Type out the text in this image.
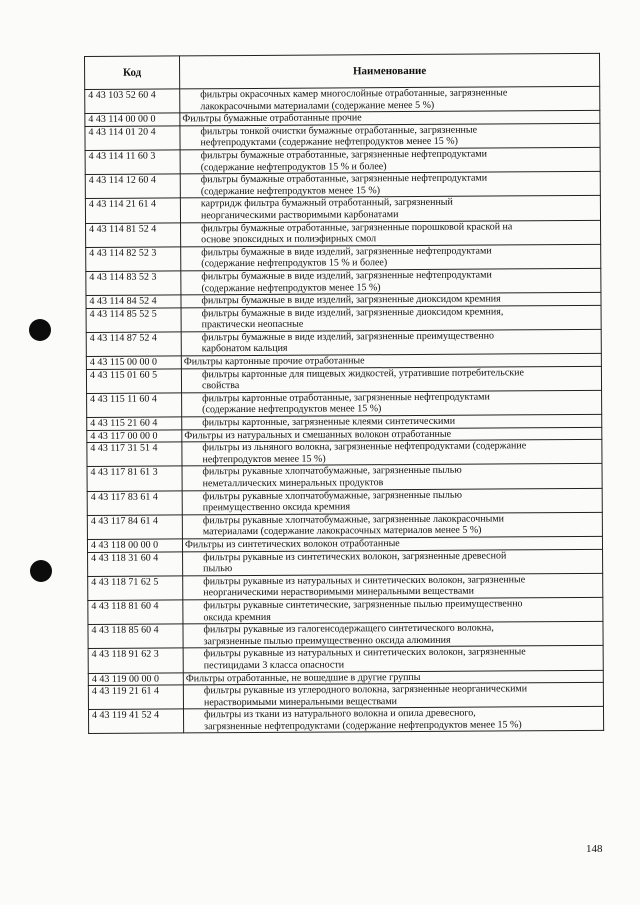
Код	Наименование
4 43 103 52 60 4	фильтры окрасочных камер многослойные отработанные, загрязненные
лакокрасочными материалами (содержание менее 5 %)
4 43 114 00 00 0	Фильтры бумажные отработанные прочие
4 43 114 01 20 4	фильтры тонкой очистки бумажные отработанные, загрязненные
нефтепродуктами (содержание нефтепродуктов менее 15 %)
4 43 114 11 60 3	фильтры бумажные отработанные, загрязненные нефтепродуктами
(содержание нефтепродуктов 15 % и более)
4 43 114 12 60 4	фильтры бумажные отработанные, загрязненные нефтепродуктами
(содержание нефтепродуктов менее 15 %)
4 43 114 21 61 4	картридж фильтра бумажный отработанный, загрязненный
неорганическими растворимыми карбонатами
4 43 114 81 52 4	фильтры бумажные отработанные, загрязненные порошковой краской на
основе эпоксидных и полиэфирных смол
4 43 114 82 52 3	фильтры бумажные в виде изделий, загрязненные нефтепродуктами
(содержание нефтепродуктов 15 % и более)
4 43 114 83 52 3	фильтры бумажные в виде изделий, загрязненные нефтепродуктами
(содержание нефтепродуктов менее 15 %)
4 43 114 84 52 4	фильтры бумажные в виде изделий, загрязненные диоксидом кремния
4 43 114 85 52 5	фильтры бумажные в виде изделий, загрязненные диоксидом кремния,
практически неопасные
4 43 114 87 52 4	фильтры бумажные в виде изделий, загрязненные преимущественно
карбонатом кальция
4 43 115 00 00 0	Фильтры картонные прочие отработанные
4 43 115 01 60 5	фильтры картонные для пищевых жидкостей, утратившие потребительские
свойства
4 43 115 11 60 4	фильтры картонные отработанные, загрязненные нефтепродуктами
(содержание нефтепродуктов менее 15 %)
4 43 115 21 60 4	фильтры картонные, загрязненные клеями синтетическими
4 43 117 00 00 0	Фильтры из натуральных и смешанных волокон отработанные
4 43 117 31 51 4	фильтры из льняного волокна, загрязненные нефтепродуктами (содержание
нефтепродуктов менее 15 %)
4 43 117 81 61 3	фильтры рукавные хлопчатобумажные, загрязненные пылью
неметаллических минеральных продуктов
4 43 117 83 61 4	фильтры рукавные хлопчатобумажные, загрязненные пылью
преимущественно оксида кремния
4 43 117 84 61 4	фильтры рукавные хлопчатобумажные, загрязненные лакокрасочными
материалами (содержание лакокрасочных материалов менее 5 %)
4 43 118 00 00 0	Фильтры из синтетических волокон отработанные
4 43 118 31 60 4	фильтры рукавные из синтетических волокон, загрязненные древесной
пылью
4 43 118 71 62 5	фильтры рукавные из натуральных и синтетических волокон, загрязненные
неорганическими нерастворимыми минеральными веществами
4 43 118 81 60 4	фильтры рукавные синтетические, загрязненные пылью преимущественно
оксида кремния
4 43 118 85 60 4	фильтры рукавные из галогенсодержащего синтетического волокна,
загрязненные пылью преимущественно оксида алюминия
4 43 118 91 62 3	фильтры рукавные из натуральных и синтетических волокон, загрязненные
пестицидами 3 класса опасности
4 43 119 00 00 0	Фильтры отработанные, не вошедшие в другие группы
4 43 119 21 61 4	фильтры рукавные из углеродного волокна, загрязненные неорганическими
нерастворимыми минеральными веществами
4 43 119 41 52 4	фильтры из ткани из натурального волокна и опила древесного,
загрязненные нефтепродуктами (содержание нефтепродуктов менее 15 %)
148
